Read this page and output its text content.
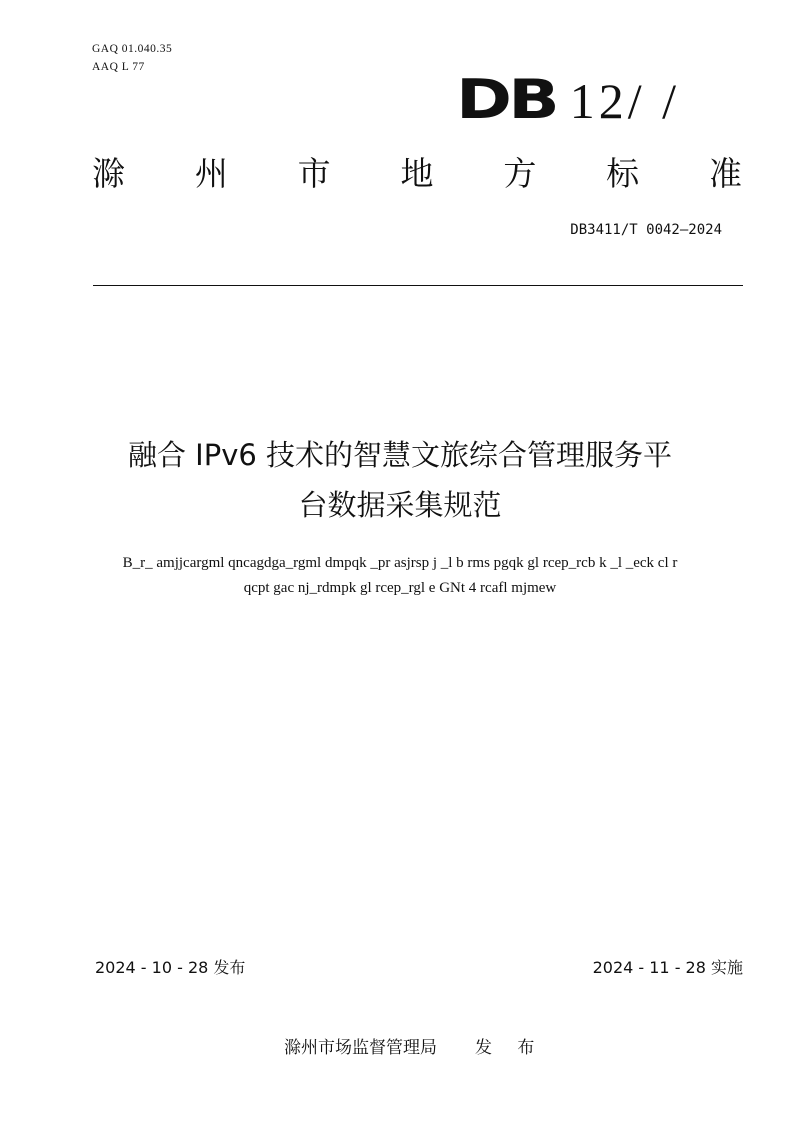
GAQ 01.040.35
AAQ L 77
DB 12/ /
滁 州 市 地 方 标 准
DB3411/T 0042—2024
融合 IPv6 技术的智慧文旅综合管理服务平
台数据采集规范
B_r_ amjjcargml qncagdga_rgml dmpqk _pr asjrsp j _l b rms pgqk gl rcep_rcb k _l _eck cl r
qcpt gac nj_rdmpk gl rcep_rgl e GNt 4 rcafl mjmew
2024 - 10 - 28 发布	2024 - 11 - 28 实施
滁州市场监督管理局 发 布
